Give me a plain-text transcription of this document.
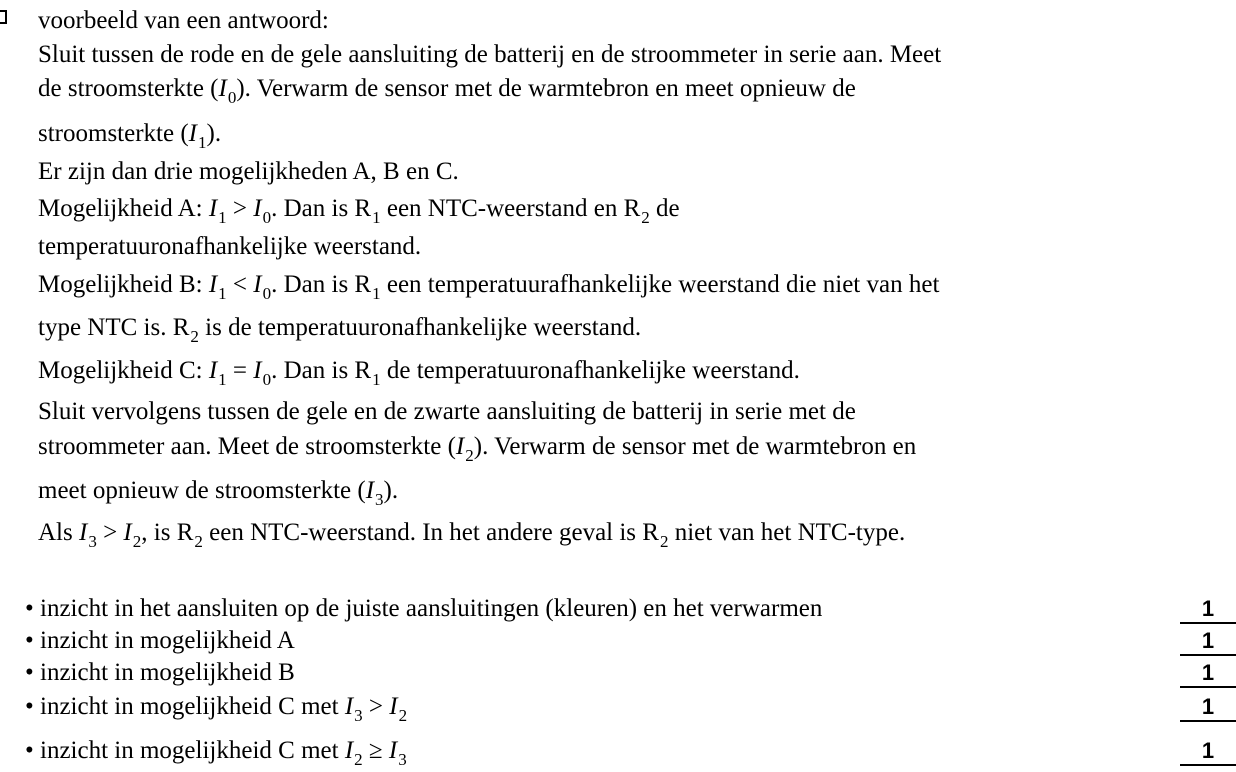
voorbeeld van een antwoord:
Sluit tussen de rode en de gele aansluiting de batterij en de stroommeter in serie aan. Meet
de stroomsterkte $(I_0)$. Verwarm de sensor met de warmtebron en meet opnieuw de
stroomsterkte $(I_1)$.
Er zijn dan drie mogelijkheden A, B en C.
Mogelijkheid A: $I_1 > I_0$. Dan is $R_1$ een NTC-weerstand en $R_2$ de
temperatuuronafhankelijke weerstand.
Mogelijkheid B: $I_1 < I_0$. Dan is $R_1$ een temperatuurafhankelijke weerstand die niet van het
type NTC is. $R_2$ is de temperatuuronafhankelijke weerstand.
Mogelijkheid C: $I_1 = I_0$. Dan is $R_1$ de temperatuuronafhankelijke weerstand.
Sluit vervolgens tussen de gele en de zwarte aansluiting de batterij in serie met de
stroommeter aan. Meet de stroomsterkte $(I_2)$. Verwarm de sensor met de warmtebron en
meet opnieuw de stroomsterkte $(I_3)$.
Als $I_3 > I_2$, is $R_2$ een NTC-weerstand. In het andere geval is $R_2$ niet van het NTC-type.
• inzicht in het aansluiten op de juiste aansluitingen (kleuren) en het verwarmen	1
• inzicht in mogelijkheid A	1
• inzicht in mogelijkheid B	1
• inzicht in mogelijkheid C met $I_3 > I_2$	1
• inzicht in mogelijkheid C met $I_2 \ge I_3$	1
